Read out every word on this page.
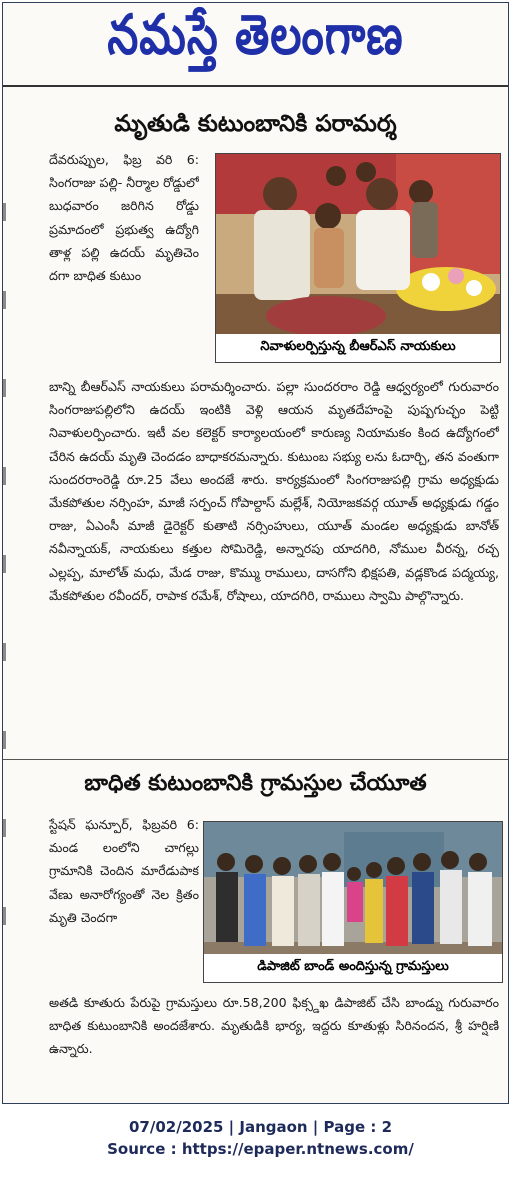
నమస్తే తెలంగాణ
మృతుడి కుటుంబానికి పరామర్శ
దేవరుప్పుల, ఫిబ్ర వరి 6: సింగరాజు పల్లి- నీర్మాల రోడ్డులో బుధవారం జరిగిన రోడ్డు ప్రమాదంలో ప్రభుత్వ ఉద్యోగి తాళ్ల పల్లి ఉదయ్ మృతిచెం దగా బాధిత కుటుం
నివాళులర్పిస్తున్న బీఆర్ఎస్ నాయకులు
బాన్ని బీఆర్ఎస్ నాయకులు పరామర్శించారు. పల్లా సుందరరాం రెడ్డి ఆధ్వర్యంలో గురువారం సింగరాజుపల్లిలోని ఉదయ్ ఇంటికి వెళ్లి ఆయన మృతదేహంపై పుష్పగుచ్ఛం పెట్టి నివాళులర్పించారు. ఇటీ వల కలెక్టర్ కార్యాలయంలో కారుణ్య నియామకం కింద ఉద్యోగంలో చేరిన ఉదయ్ మృతి చెందడం బాధాకరమన్నారు. కుటుంబ సభ్యు లను ఓదార్చి, తన వంతుగా సుందరరాంరెడ్డి రూ.25 వేలు అందజే శారు. కార్యక్రమంలో సింగరాజుపల్లి గ్రామ అధ్యక్షుడు మేకపోతుల నర్సింహ, మాజీ సర్పంచ్ గోపాల్దాస్ మల్లేశ్, నియోజకవర్గ యూత్ అధ్యక్షుడు గడ్డం రాజు, ఏఎంసీ మాజీ డైరెక్టర్ కుతాటి నర్సింహులు, యూత్ మండల అధ్యక్షుడు బానోత్ నవీన్నాయక్, నాయకులు కత్తుల సోమిరెడ్డి, అన్నారపు యాదగిరి, నోముల వీరన్న, రచ్చ ఎల్లప్ప, మాలోత్ మధు, మేడ రాజు, కొమ్ము రాములు, దాసగోని భిక్షపతి, వడ్లకొండ పద్మయ్య, మేకపోతుల రవీందర్, రాపాక రమేశ్, రోషాలు, యాదగిరి, రాములు స్వామి పాల్గొన్నారు.
బాధిత కుటుంబానికి గ్రామస్తుల చేయూత
స్టేషన్ ఘన్పూర్, ఫిబ్రవరి 6: మండ లంలోని చాగల్లు గ్రామానికి చెందిన మారేడుపాక వేణు అనారోగ్యంతో నెల క్రితం మృతి చెందగా
డిపాజిట్ బాండ్ అందిస్తున్న గ్రామస్తులు
అతడి కూతురు పేరుపై గ్రామస్తులు రూ.58,200 ఫిక్స్డఖ డిపాజిట్ చేసి బాండ్ను గురువారం బాధిత కుటుంబానికి అందజేశారు. మృతుడికి భార్య, ఇద్దరు కూతుళ్లు సిరినందన, శ్రీ హర్షిణి ఉన్నారు.
07/02/2025 | Jangaon | Page : 2
Source : https://epaper.ntnews.com/
